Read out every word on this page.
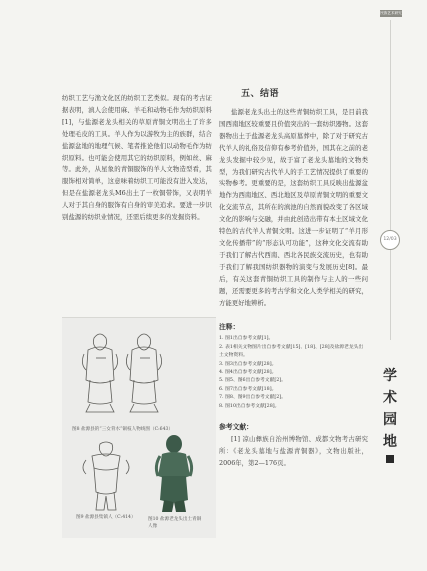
纺织工艺与渔文化区的纺织工艺类似。现有的考古证据表明，滇人会使用麻、羊毛和动物毛作为纺织原料[1]，与盐源老龙头相关的草原青铜文明出土了许多处理毛皮的工具。羊人作为以游牧为主的族群，结合盐源盆地的地理气候、笔者推论他们以动物毛作为纺织原料。也可能会使用其它的纺织原料，例如丝、麻等。此外，从星象的青铜服饰的羊人文物造型看，其服饰相对简单，这意味着纺织工可能没有进入发达，但是在盐源老龙头M6出土了一枚铜带饰，又表明羊人对于其自身的服饰有自身的审美追求。要进一步识别盐源的纺织业情况，还需后续更多的发掘资料。

图8 盐源县的“三女背水”铜枝人物线图（C:643）
图9 盐源县集镇人（C:414）	图10 盐源老龙头出土青铜人像
五、结语

盐源老龙头出土的这些青铜纺织工具，是目前我国西南地区较重要且价值突出的一套纺织器物。这套器物出土于盐源老龙头高原墓葬中，除了对于研究古代羊人的礼俗及信仰有参考价值外，国其在之前的老龙头发掘中较少见，故于富了老龙头墓地的文物类型，为我们研究古代羊人的手工艺情况提供了重要的实物参考。更重要的是，这套纺织工具反映出盐源盆地作为西南地区、西北地区及草原青铜文明的重要文化交流节点，其所在的滇池的自然面貌改变了各区域文化的影响与交融，并由此创造出带有本土区域文化特色的古代羊人青铜文明。这进一步证明了“羊月形文化传播带”的“形态认可功能”，这种文化交流有助于我们了解古代西南、西北各民族交流历史，也有助于我们了解我国纺织器物的演变与发展历史[8]。最后，有关这套青铜纺织工具的制作与主人的一些问题，还需要更多的考古学和文化人类学相关的研究，方能更好地辨析。

注释：
1. 图1出自参考文献[1]。
2. 表1相关文物图片出自参考文献[15]、[18]、[28]及盐源老龙头出土文物资料。
3. 图3出自参考文献[28]。
4. 图4出自参考文献[28]。
5. 图5、图6出自参考文献[2]。
6. 图7出自参考文献[18]。
7. 图8、图9出自参考文献[2]。
8. 图10出自参考文献[28]。
参考文献：

[1] 凉山彝族自治州博物馆、成都文物考古研究所：《老龙头墓地与盐源青铜器》，文物出版社，2006年，第2—176页。

民族艺术研究
12/03
学术园地
